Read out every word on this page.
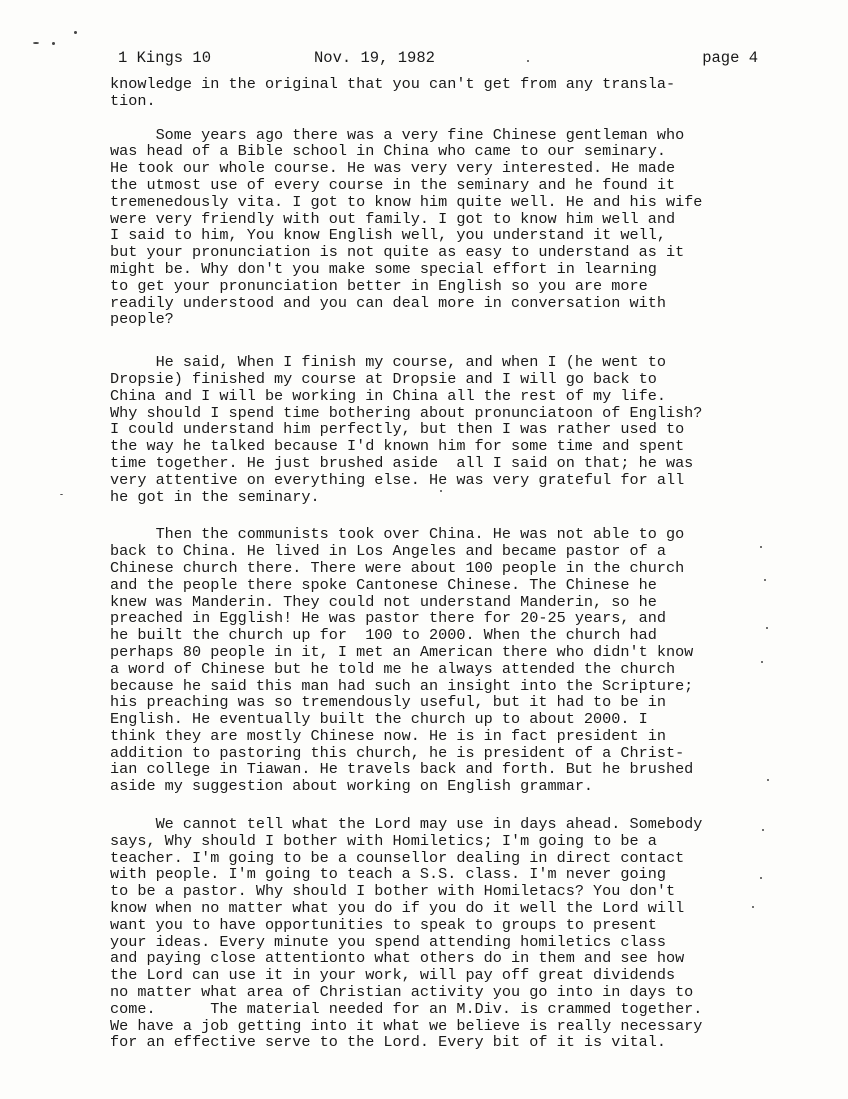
1 Kings 10	Nov. 19, 1982	page 4
knowledge in the original that you can't get from any transla-
tion.
Some years ago there was a very fine Chinese gentleman who
was head of a Bible school in China who came to our seminary.
He took our whole course. He was very very interested. He made
the utmost use of every course in the seminary and he found it
tremenedously vita. I got to know him quite well. He and his wife
were very friendly with out family. I got to know him well and
I said to him, You know English well, you understand it well,
but your pronunciation is not quite as easy to understand as it
might be. Why don't you make some special effort in learning
to get your pronunciation better in English so you are more
readily understood and you can deal more in conversation with
people?
He said, When I finish my course, and when I (he went to
Dropsie) finished my course at Dropsie and I will go back to
China and I will be working in China all the rest of my life.
Why should I spend time bothering about pronunciatoon of English?
I could understand him perfectly, but then I was rather used to
the way he talked because I'd known him for some time and spent
time together. He just brushed aside  all I said on that; he was
very attentive on everything else. He was very grateful for all
he got in the seminary.
Then the communists took over China. He was not able to go
back to China. He lived in Los Angeles and became pastor of a
Chinese church there. There were about 100 people in the church
and the people there spoke Cantonese Chinese. The Chinese he
knew was Manderin. They could not understand Manderin, so he
preached in Egglish! He was pastor there for 20-25 years, and
he built the church up for  100 to 2000. When the church had
perhaps 80 people in it, I met an American there who didn't know
a word of Chinese but he told me he always attended the church
because he said this man had such an insight into the Scripture;
his preaching was so tremendously useful, but it had to be in
English. He eventually built the church up to about 2000. I
think they are mostly Chinese now. He is in fact president in
addition to pastoring this church, he is president of a Christ-
ian college in Tiawan. He travels back and forth. But he brushed
aside my suggestion about working on English grammar.
We cannot tell what the Lord may use in days ahead. Somebody
says, Why should I bother with Homiletics; I'm going to be a
teacher. I'm going to be a counsellor dealing in direct contact
with people. I'm going to teach a S.S. class. I'm never going
to be a pastor. Why should I bother with Homiletacs? You don't
know when no matter what you do if you do it well the Lord will
want you to have opportunities to speak to groups to present
your ideas. Every minute you spend attending homiletics class
and paying close attentionto what others do in them and see how
the Lord can use it in your work, will pay off great dividends
no matter what area of Christian activity you go into in days to
come.      The material needed for an M.Div. is crammed together.
We have a job getting into it what we believe is really necessary
for an effective serve to the Lord. Every bit of it is vital.
